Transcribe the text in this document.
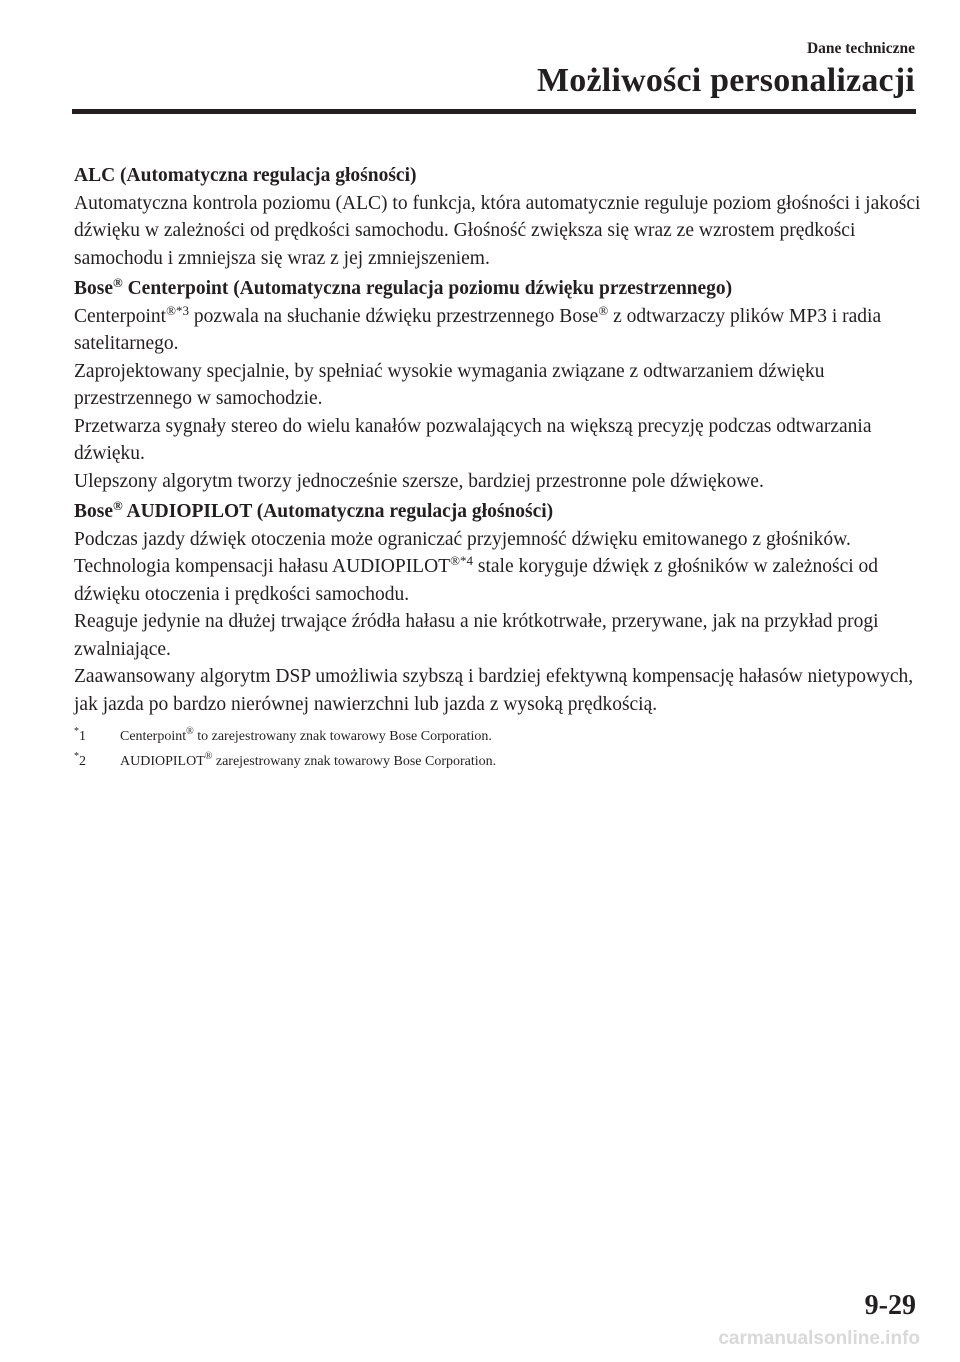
Dane techniczne
Możliwości personalizacji
ALC (Automatyczna regulacja głośności)

Automatyczna kontrola poziomu (ALC) to funkcja, która automatycznie reguluje poziom głośności i jakości dźwięku w zależności od prędkości samochodu. Głośność zwiększa się wraz ze wzrostem prędkości samochodu i zmniejsza się wraz z jej zmniejszeniem.

Bose® Centerpoint (Automatyczna regulacja poziomu dźwięku przestrzennego)

Centerpoint$^{®*3}$ pozwala na słuchanie dźwięku przestrzennego Bose® z odtwarzaczy plików MP3 i radia satelitarnego.

Zaprojektowany specjalnie, by spełniać wysokie wymagania związane z odtwarzaniem dźwięku przestrzennego w samochodzie.

Przetwarza sygnały stereo do wielu kanałów pozwalających na większą precyzję podczas odtwarzania dźwięku.

Ulepszony algorytm tworzy jednocześnie szersze, bardziej przestronne pole dźwiękowe.

Bose® AUDIOPILOT (Automatyczna regulacja głośności)

Podczas jazdy dźwięk otoczenia może ograniczać przyjemność dźwięku emitowanego z głośników.

Technologia kompensacji hałasu $AUDIOPILOT^{®*4}$ stale koryguje dźwięk z głośników w zależności od dźwięku otoczenia i prędkości samochodu.

Reaguje jedynie na dłużej trwające źródła hałasu a nie krótkotrwałe, przerywane, jak na przykład progi zwalniające.

Zaawansowany algorytm DSP umożliwia szybszą i bardziej efektywną kompensację hałasów nietypowych, jak jazda po bardzo nierównej nawierzchni lub jazda z wysoką prędkością.

*1 Centerpoint® to zarejestrowany znak towarowy Bose Corporation.
*2 AUDIOPILOT® zarejestrowany znak towarowy Bose Corporation.
9-29
carmanualsonline.info
